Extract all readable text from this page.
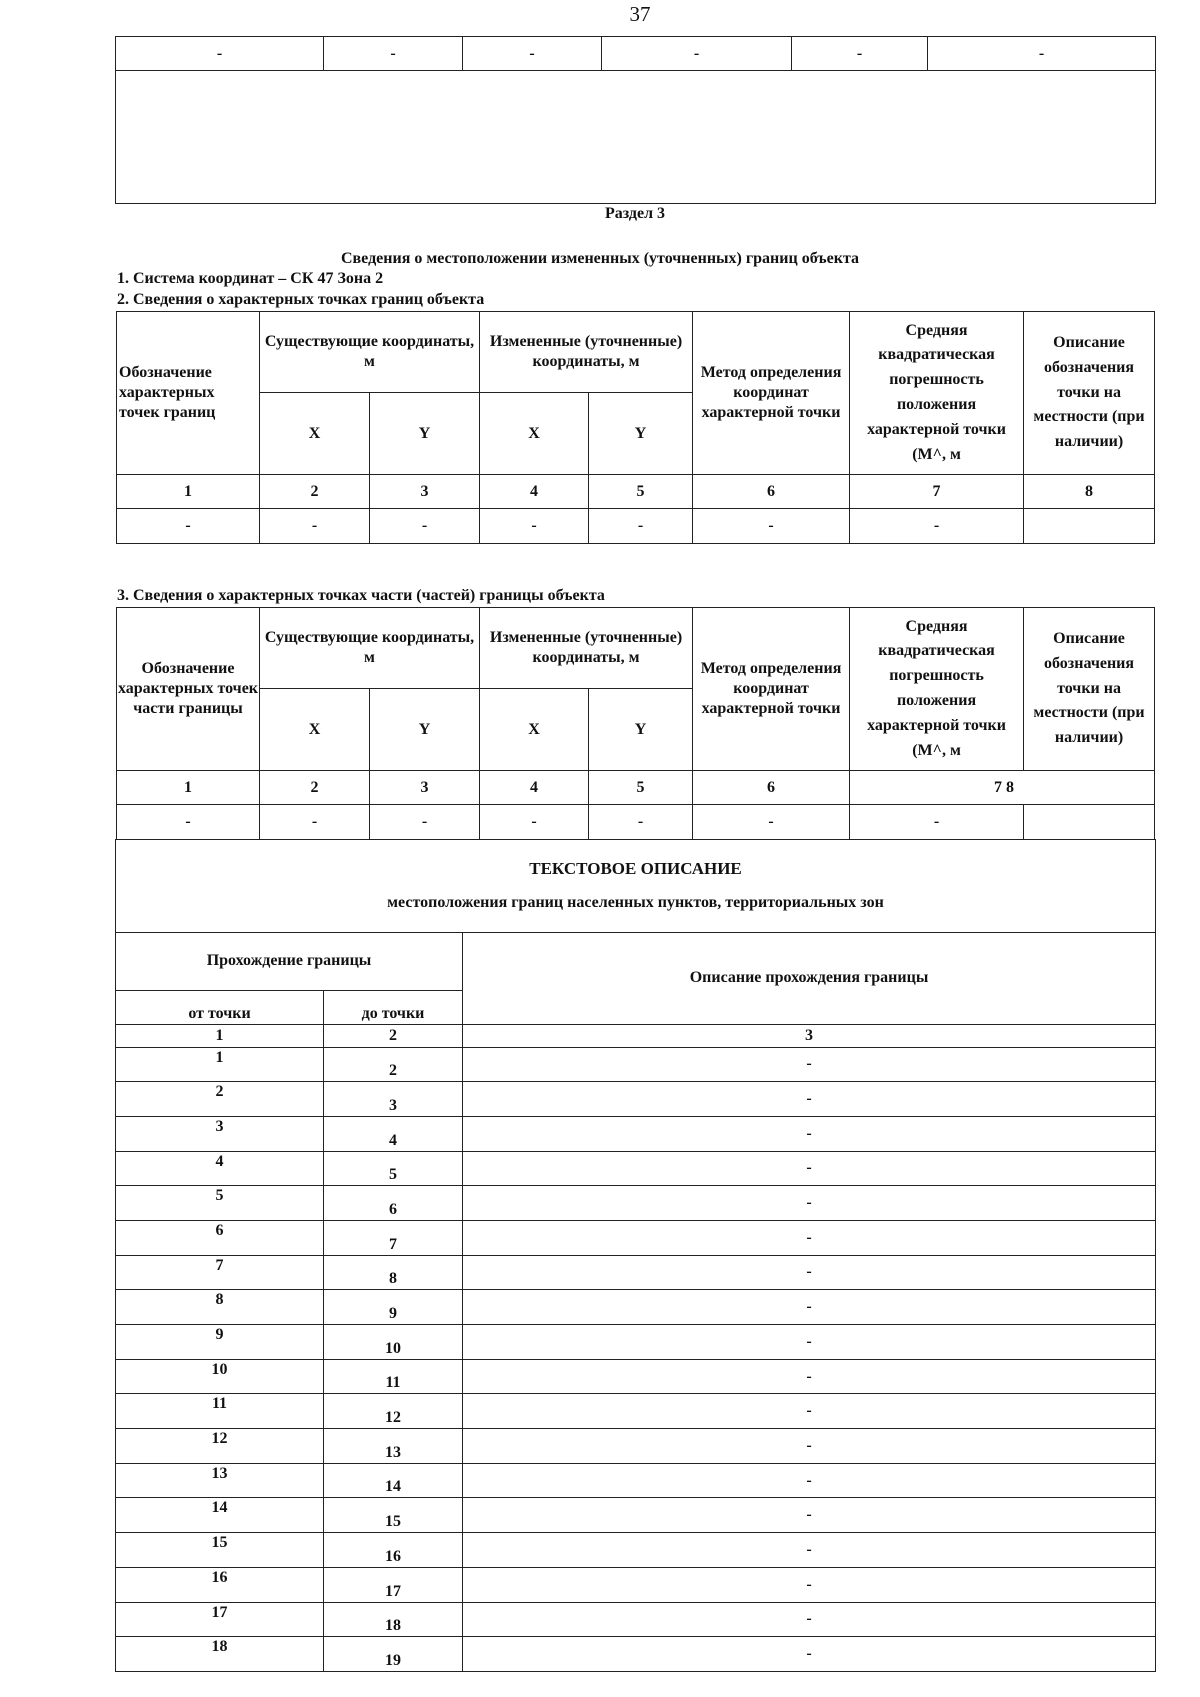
37
-	-	-	-	-	-

Раздел 3
Сведения о местоположении измененных (уточненных) границ объекта
1. Система координат – СК 47 Зона 2
2. Сведения о характерных точках границ объекта
Обозначение характерных точек границ	Существующие координаты, м		Измененные (уточненные) координаты, м		Метод определения координат характерной точки	Средняя квадратическая погрешность положения характерной точки (М^, м	Описание обозначения точки на местности (при наличии)
	X	Y	X	Y			
1	2	3	4	5	6	7	8
-	-	-	-	-	-	-	
3. Сведения о характерных точках части (частей) границы объекта
Обозначение характерных точек части границы	Существующие координаты, м		Измененные (уточненные) координаты, м		Метод определения координат характерной точки	Средняя квадратическая погрешность положения характерной точки (М^, м	Описание обозначения точки на местности (при наличии)
	X	Y	X	Y			
1	2	3	4	5	6	7 8	
-	-	-	-	-	-	-	
ТЕКСТОВОЕ ОПИСАНИЕ
местоположения границ населенных пунктов, территориальных зон		

Прохождение границы		Описание прохождения границы
от точки	до точки	
1	2	3
1	2	-
2	3	-
3	4	-
4	5	-
5	6	-
6	7	-
7	8	-
8	9	-
9	10	-
10	11	-
11	12	-
12	13	-
13	14	-
14	15	-
15	16	-
16	17	-
17	18	-
18	19	-
